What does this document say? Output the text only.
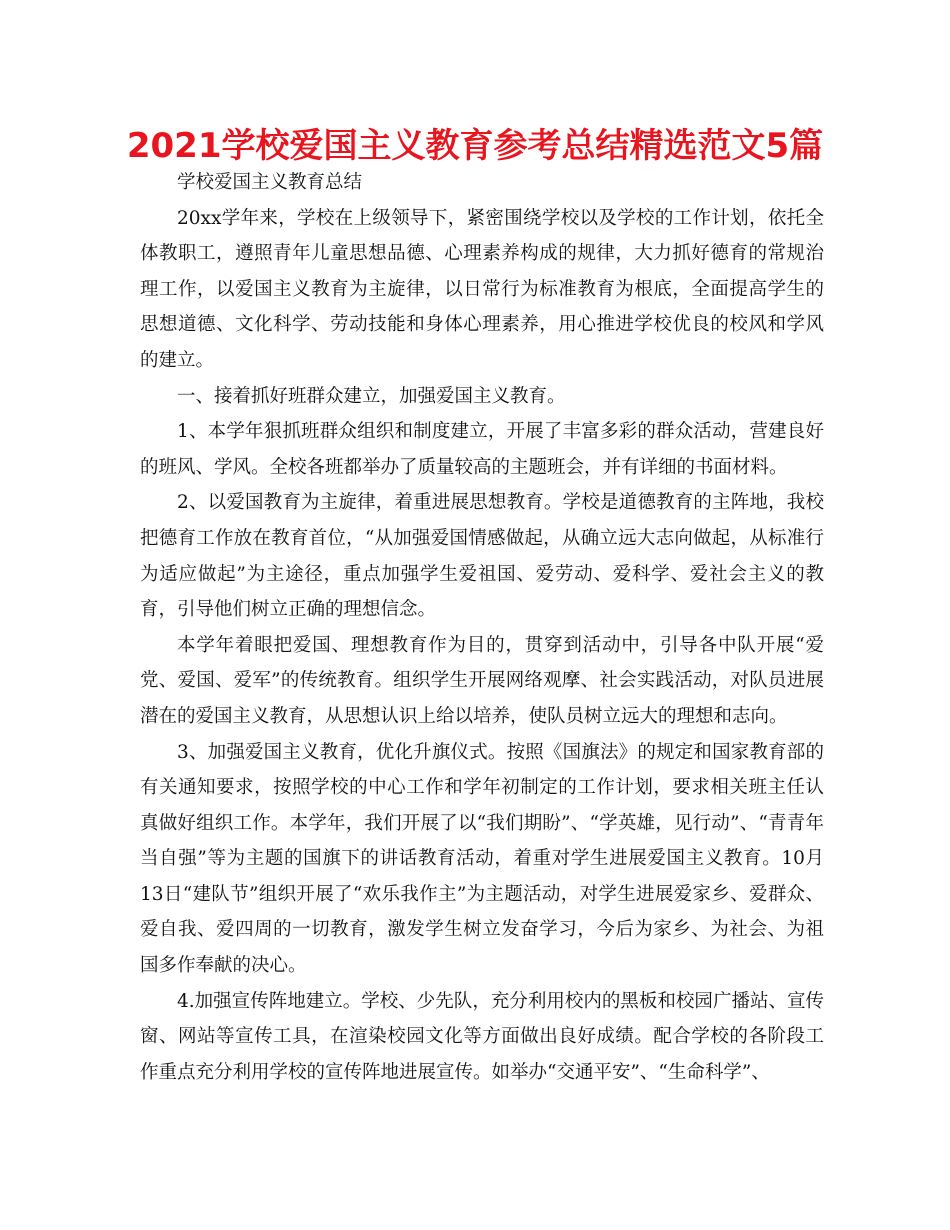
2021学校爱国主义教育参考总结精选范文5篇

学校爱国主义教育总结

20xx学年来，学校在上级领导下，紧密围绕学校以及学校的工作计划，依托全体教职工，遵照青年儿童思想品德、心理素养构成的规律，大力抓好德育的常规治理工作，以爱国主义教育为主旋律，以日常行为标准教育为根底，全面提高学生的思想道德、文化科学、劳动技能和身体心理素养，用心推进学校优良的校风和学风的建立。

一、接着抓好班群众建立，加强爱国主义教育。

1、本学年狠抓班群众组织和制度建立，开展了丰富多彩的群众活动，营建良好的班风、学风。全校各班都举办了质量较高的主题班会，并有详细的书面材料。

2、以爱国教育为主旋律，着重进展思想教育。学校是道德教育的主阵地，我校把德育工作放在教育首位，“从加强爱国情感做起，从确立远大志向做起，从标准行为适应做起”为主途径，重点加强学生爱祖国、爱劳动、爱科学、爱社会主义的教育，引导他们树立正确的理想信念。

本学年着眼把爱国、理想教育作为目的，贯穿到活动中，引导各中队开展“爱党、爱国、爱军”的传统教育。组织学生开展网络观摩、社会实践活动，对队员进展潜在的爱国主义教育，从思想认识上给以培养，使队员树立远大的理想和志向。

3、加强爱国主义教育，优化升旗仪式。按照《国旗法》的规定和国家教育部的有关通知要求，按照学校的中心工作和学年初制定的工作计划，要求相关班主任认真做好组织工作。本学年，我们开展了以“我们期盼”、“学英雄，见行动”、“青青年当自强”等为主题的国旗下的讲话教育活动，着重对学生进展爱国主义教育。10月13日“建队节”组织开展了“欢乐我作主”为主题活动，对学生进展爱家乡、爱群众、爱自我、爱四周的一切教育，激发学生树立发奋学习，今后为家乡、为社会、为祖国多作奉献的决心。

4.加强宣传阵地建立。学校、少先队，充分利用校内的黑板和校园广播站、宣传窗、网站等宣传工具，在渲染校园文化等方面做出良好成绩。配合学校的各阶段工作重点充分利用学校的宣传阵地进展宣传。如举办“交通平安”、“生命科学”、
